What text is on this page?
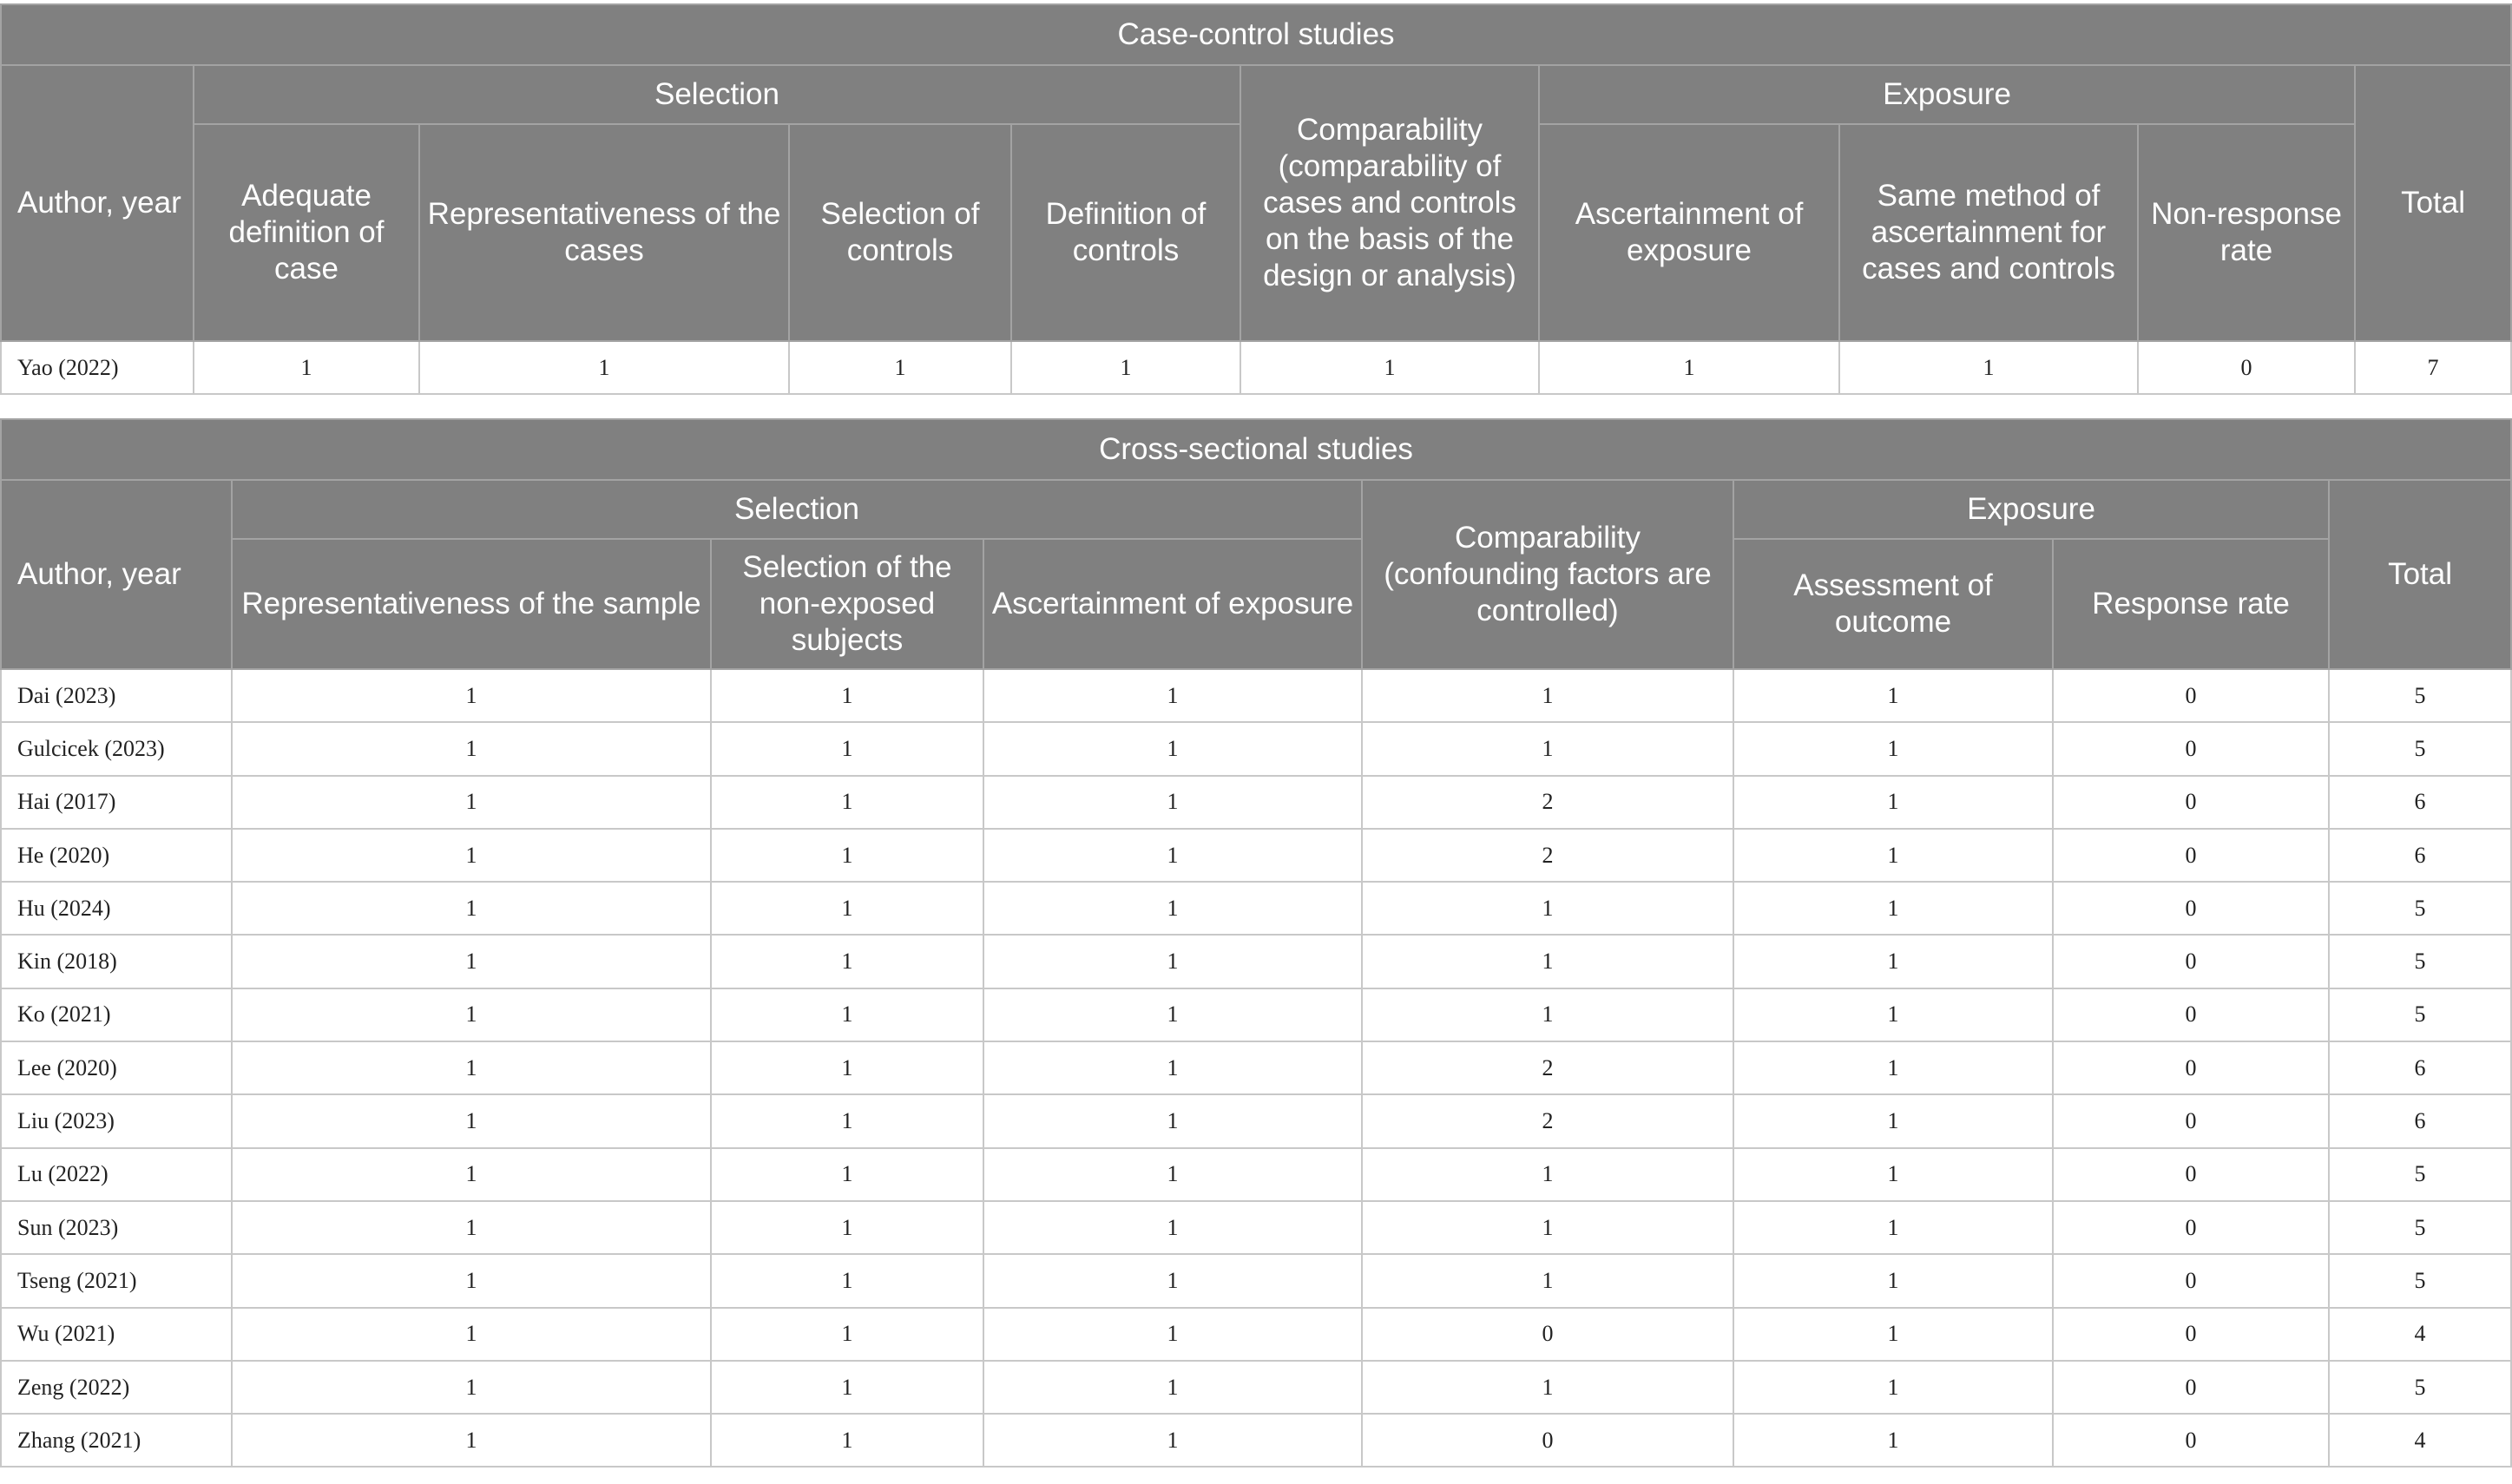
Case-control studies									
Author, year	Selection				Comparability (comparability of cases and controls on the basis of the design or analysis)	Exposure			Total
	Adequate definition of case	Representativeness of the cases	Selection of controls	Definition of controls		Ascertainment of exposure	Same method of ascertainment for cases and controls	Non-response rate	
Yao (2022)	1	1	1	1	1	1	1	0	7
Cross-sectional studies							
Author, year	Selection			Comparability (confounding factors are controlled)	Exposure		Total
	Representativeness of the sample	Selection of the non-exposed subjects	Ascertainment of exposure		Assessment of outcome	Response rate	
Dai (2023)	1	1	1	1	1	0	5
Gulcicek (2023)	1	1	1	1	1	0	5
Hai (2017)	1	1	1	2	1	0	6
He (2020)	1	1	1	2	1	0	6
Hu (2024)	1	1	1	1	1	0	5
Kin (2018)	1	1	1	1	1	0	5
Ko (2021)	1	1	1	1	1	0	5
Lee (2020)	1	1	1	2	1	0	6
Liu (2023)	1	1	1	2	1	0	6
Lu (2022)	1	1	1	1	1	0	5
Sun (2023)	1	1	1	1	1	0	5
Tseng (2021)	1	1	1	1	1	0	5
Wu (2021)	1	1	1	0	1	0	4
Zeng (2022)	1	1	1	1	1	0	5
Zhang (2021)	1	1	1	0	1	0	4
